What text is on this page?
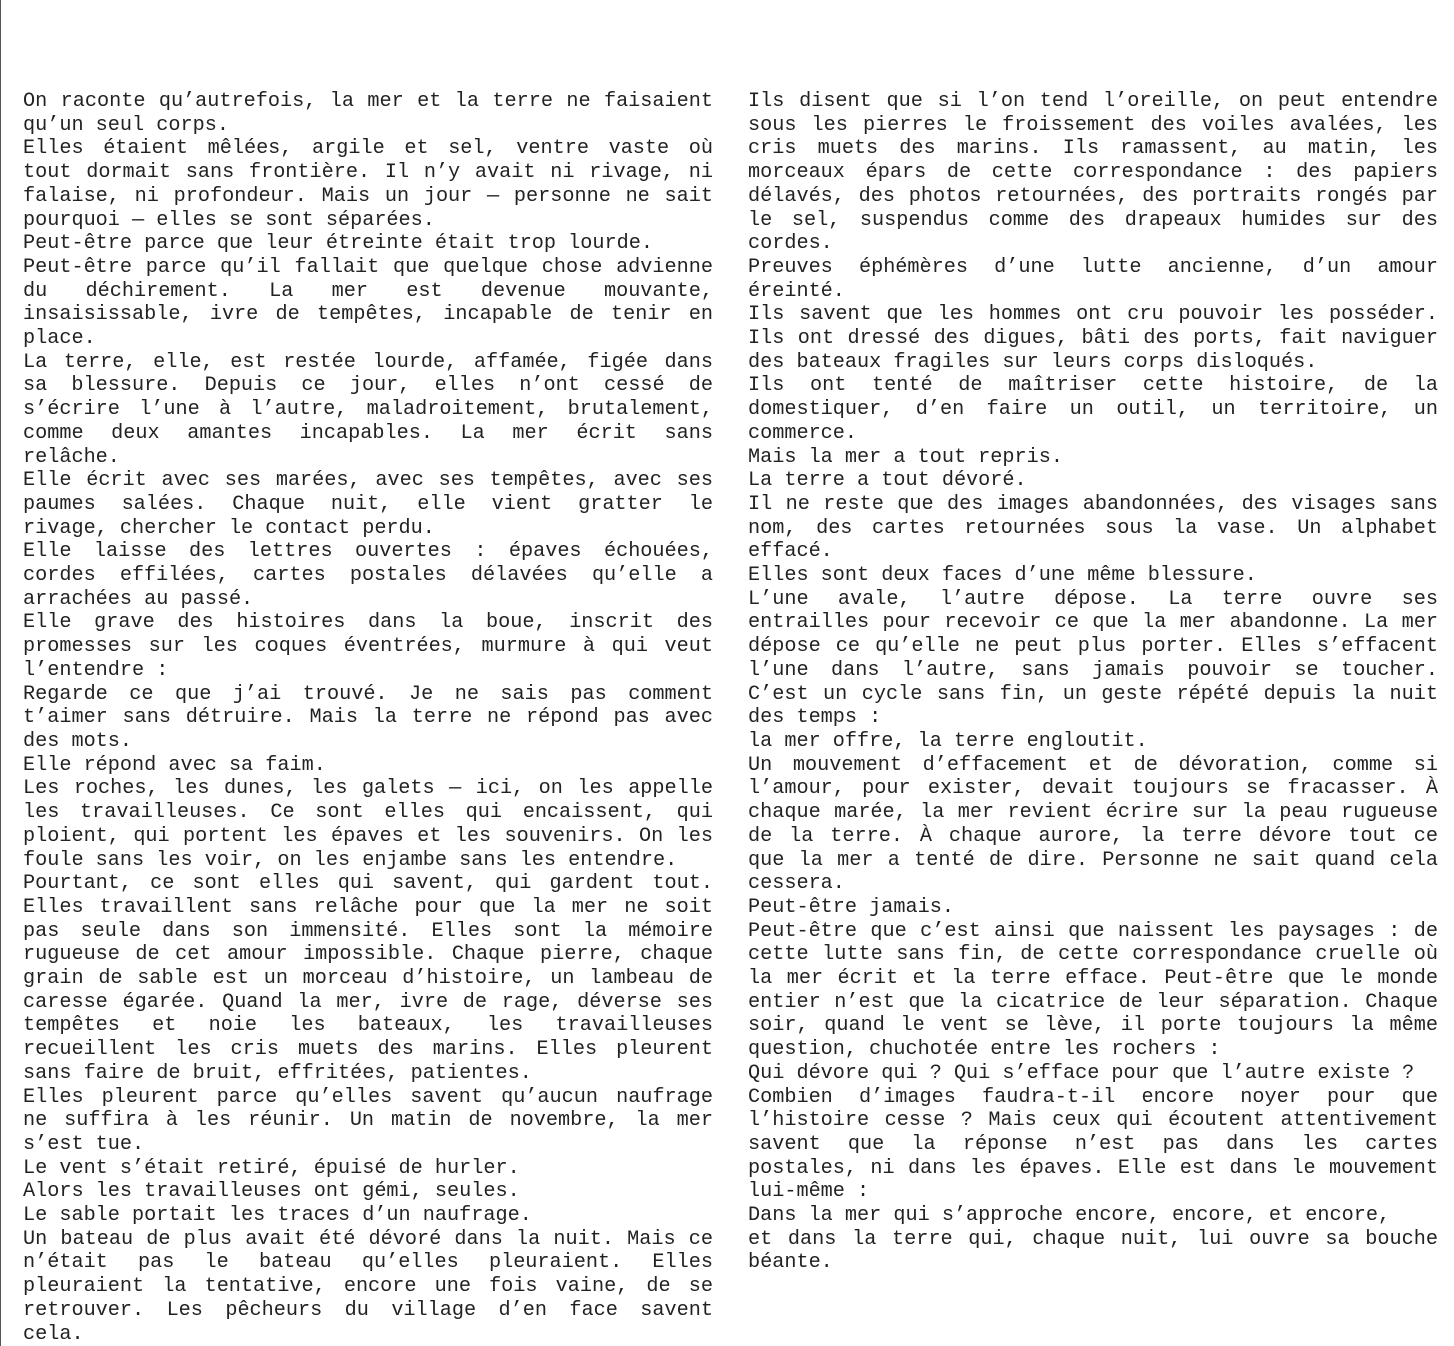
On raconte qu’autrefois, la mer et la terre ne faisaient qu’un seul corps.

Elles étaient mêlées, argile et sel, ventre vaste où tout dormait sans frontière. Il n’y avait ni rivage, ni falaise, ni profondeur. Mais un jour — personne ne sait pourquoi — elles se sont séparées.

Peut-être parce que leur étreinte était trop lourde.

Peut-être parce qu’il fallait que quelque chose advienne du déchirement. La mer est devenue mouvante, insaisissable, ivre de tempêtes, incapable de tenir en place.

La terre, elle, est restée lourde, affamée, figée dans sa blessure. Depuis ce jour, elles n’ont cessé de s’écrire l’une à l’autre, maladroitement, brutalement, comme deux amantes incapables. La mer écrit sans relâche.

Elle écrit avec ses marées, avec ses tempêtes, avec ses paumes salées. Chaque nuit, elle vient gratter le rivage, chercher le contact perdu.

Elle laisse des lettres ouvertes : épaves échouées, cordes effilées, cartes postales délavées qu’elle a arrachées au passé.

Elle grave des histoires dans la boue, inscrit des promesses sur les coques éventrées, murmure à qui veut l’entendre :

Regarde ce que j’ai trouvé. Je ne sais pas comment t’aimer sans détruire. Mais la terre ne répond pas avec des mots.

Elle répond avec sa faim.

Les roches, les dunes, les galets — ici, on les appelle les travailleuses. Ce sont elles qui encaissent, qui ploient, qui portent les épaves et les souvenirs. On les foule sans les voir, on les enjambe sans les entendre.

Pourtant, ce sont elles qui savent, qui gardent tout. Elles travaillent sans relâche pour que la mer ne soit pas seule dans son immensité. Elles sont la mémoire rugueuse de cet amour impossible. Chaque pierre, chaque grain de sable est un morceau d’histoire, un lambeau de caresse égarée. Quand la mer, ivre de rage, déverse ses tempêtes et noie les bateaux, les travailleuses recueillent les cris muets des marins. Elles pleurent sans faire de bruit, effritées, patientes.

Elles pleurent parce qu’elles savent qu’aucun naufrage ne suffira à les réunir. Un matin de novembre, la mer s’est tue.

Le vent s’était retiré, épuisé de hurler.

Alors les travailleuses ont gémi, seules.

Le sable portait les traces d’un naufrage.

Un bateau de plus avait été dévoré dans la nuit. Mais ce n’était pas le bateau qu’elles pleuraient. Elles pleuraient la tentative, encore une fois vaine, de se retrouver. Les pêcheurs du village d’en face savent cela.

Ils disent que si l’on tend l’oreille, on peut entendre sous les pierres le froissement des voiles avalées, les cris muets des marins. Ils ramassent, au matin, les morceaux épars de cette correspondance : des papiers délavés, des photos retournées, des portraits rongés par le sel, suspendus comme des drapeaux humides sur des cordes.

Preuves éphémères d’une lutte ancienne, d’un amour éreinté.

Ils savent que les hommes ont cru pouvoir les posséder. Ils ont dressé des digues, bâti des ports, fait naviguer des bateaux fragiles sur leurs corps disloqués.

Ils ont tenté de maîtriser cette histoire, de la domestiquer, d’en faire un outil, un territoire, un commerce.

Mais la mer a tout repris.

La terre a tout dévoré.

Il ne reste que des images abandonnées, des visages sans nom, des cartes retournées sous la vase. Un alphabet effacé.

Elles sont deux faces d’une même blessure.

L’une avale, l’autre dépose. La terre ouvre ses entrailles pour recevoir ce que la mer abandonne. La mer dépose ce qu’elle ne peut plus porter. Elles s’effacent l’une dans l’autre, sans jamais pouvoir se toucher. C’est un cycle sans fin, un geste répété depuis la nuit des temps :

la mer offre, la terre engloutit.

Un mouvement d’effacement et de dévoration, comme si l’amour, pour exister, devait toujours se fracasser. À chaque marée, la mer revient écrire sur la peau rugueuse de la terre. À chaque aurore, la terre dévore tout ce que la mer a tenté de dire. Personne ne sait quand cela cessera.

Peut-être jamais.

Peut-être que c’est ainsi que naissent les paysages : de cette lutte sans fin, de cette correspondance cruelle où la mer écrit et la terre efface. Peut-être que le monde entier n’est que la cicatrice de leur séparation. Chaque soir, quand le vent se lève, il porte toujours la même question, chuchotée entre les rochers :

Qui dévore qui ? Qui s’efface pour que l’autre existe ?

Combien d’images faudra-t-il encore noyer pour que l’histoire cesse ? Mais ceux qui écoutent attentivement savent que la réponse n’est pas dans les cartes postales, ni dans les épaves. Elle est dans le mouvement lui-même :

Dans la mer qui s’approche encore, encore, et encore,

et dans la terre qui, chaque nuit, lui ouvre sa bouche béante.
